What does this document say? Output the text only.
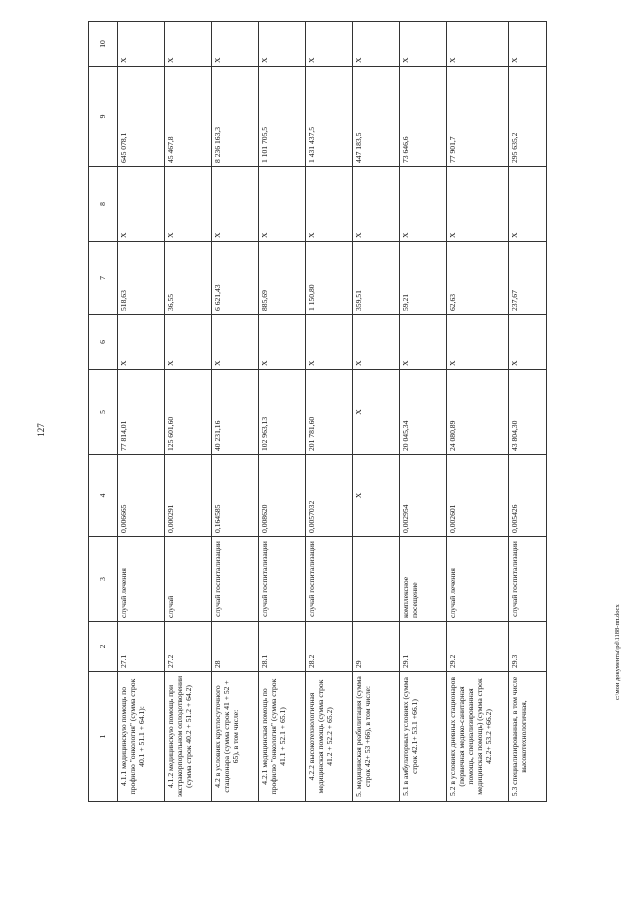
127
1	2	3	4	5	6	7	8	9	10
4.1.1 медицинскую помощь по профилю "онкология" (сумма строк 40.1 + 51.1 + 64.1):	27.1	случай лечения	0,006665	77 814,01	X	518,63	X	645 078,1	X
4.1.2 медицинскую помощь при экстракорпоральном оплодотворении (сумма строк 40.2 + 51.2 + 64.2)	27.2	случай	0,000291	125 601,60	X	36,55	X	45 467,8	X
4.2 в условиях круглосуточного стационара (сумма строк 41 + 52 + 65), в том числе:	28	случай госпитализации	0,164585	40 231,16	X	6 621,43	X	8 236 163,3	X
4.2.1 медицинская помощь по профилю "онкология" (сумма строк 41.1 + 52.1 + 65.1)	28.1	случай госпитализации	0,008620	102 963,13	X	885,69	X	1 101 705,5	X
4.2.2 высокотехнологичная медицинская помощь (сумма строк 41.2 + 52.2 + 65.2)	28.2	случай госпитализации	0,0057032	201 781,60	X	1 150,80	X	1 431 437,5	X
5. медицинская реабилитация (сумма строк 42+ 53 +66), в том числе:	29		X	X	X	359,51	X	447 183,5	X
5.1 в амбулаторных условиях (сумма строк 42.1+ 53.1 +66.1)	29.1	комплексное посещение	0,002954	20 045,34	X	59,21	X	73 646,6	X
5.2 в условиях дневных стационаров (первичная медико-санитарная помощь, специализированная медицинская помощь) (сумма строк 42.2+ 53.2 +66.2)	29.2	случай лечения	0,002601	24 080,89	X	62,63	X	77 901,7	X
5.3 специализированная, в том числе высокотехнологичная,	29.3	случай госпитализации	0,005426	43 804,30	X	237,67	X	295 635,2	X
c:\мои документы\pd\1188-пп.docx
